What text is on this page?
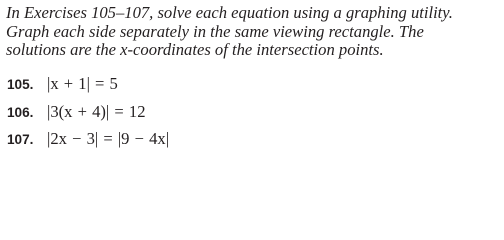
In Exercises 105–107, solve each equation using a graphing utility.
Graph each side separately in the same viewing rectangle. The
solutions are the x-coordinates of the intersection points.
105. |x + 1| = 5
106. |3(x + 4)| = 12
107. |2x − 3| = |9 − 4x|
